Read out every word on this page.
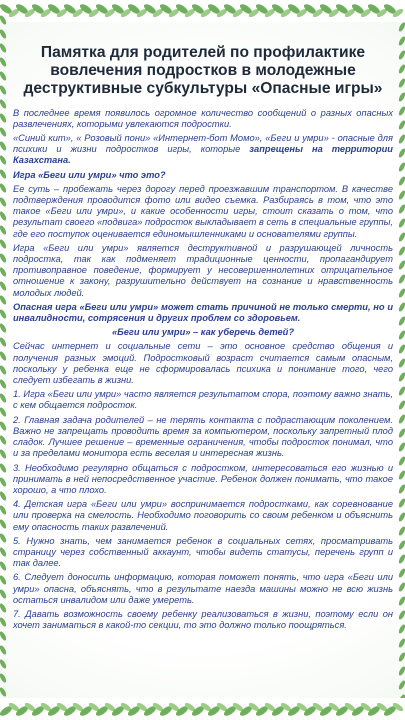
Памятка для родителей по профилактике вовлечения подростков в молодежные деструктивные субкультуры «Опасные игры»

В последнее время появилось огромное количество сообщений о разных опасных развлечениях, которыми увлекаются подростки.

«Синий кит», « Розовый пони» «Интернет-бот Момо», «Беги и умри» - опасные для психики и жизни подростков игры, которые запрещены на территории Казахстана.

Игра «Беги или умри» что это?

Ее суть – пробежать через дорогу перед проезжавшим транспортом. В качестве подтверждения проводится фото или видео съемка. Разбираясь в том, что это такое «Беги или умри», и какие особенности игры, стоит сказать о том, что результат своего «подвига» подросток выкладывает в сеть в специальные группы, где его поступок оценивается единомышленниками и основателями группы.

Игра «Беги или умри» является деструктивной и разрушающей личность подростка, так как подменяет традиционные ценности, пропагандирует противоправное поведение, формирует у несовершеннолетних отрицательное отношение к закону, разрушительно действует на сознание и нравственность молодых людей.

Опасная игра «Беги или умри» может стать причиной не только смерти, но и инвалидности, сотрясения и других проблем со здоровьем.

«Беги или умри» – как уберечь детей?

Сейчас интернет и социальные сети – это основное средство общения и получения разных эмоций. Подростковый возраст считается самым опасным, поскольку у ребенка еще не сформировалась психика и понимание того, чего следует избегать в жизни.

1. Игра «Беги или умри» часто является результатом спора, поэтому важно знать, с кем общается подросток.

2. Главная задача родителей – не терять контакта с подрастающим поколением. Важно не запрещать проводить время за компьютером, поскольку запретный плод сладок. Лучшее решение – временные ограничения, чтобы подросток понимал, что и за пределами монитора есть веселая и интересная жизнь.

3. Необходимо регулярно общаться с подростком, интересоваться его жизнью и принимать в ней непосредственное участие. Ребенок должен понимать, что такое хорошо, а что плохо.

4. Детская игра «Беги или умри» воспринимается подростками, как соревнование или проверка на смелость. Необходимо поговорить со своим ребенком и объяснить ему опасность таких развлечений.

5. Нужно знать, чем занимается ребенок в социальных сетях, просматривать страницу через собственный аккаунт, чтобы видеть статусы, перечень групп и так далее.

6. Следует доносить информацию, которая поможет понять, что игра «Беги или умри» опасна, объяснять, что в результате наезда машины можно не всю жизнь остаться инвалидом или даже умереть.

7. Давать возможность своему ребенку реализоваться в жизни, поэтому если он хочет заниматься в какой-то секции, то это должно только поощряться.
